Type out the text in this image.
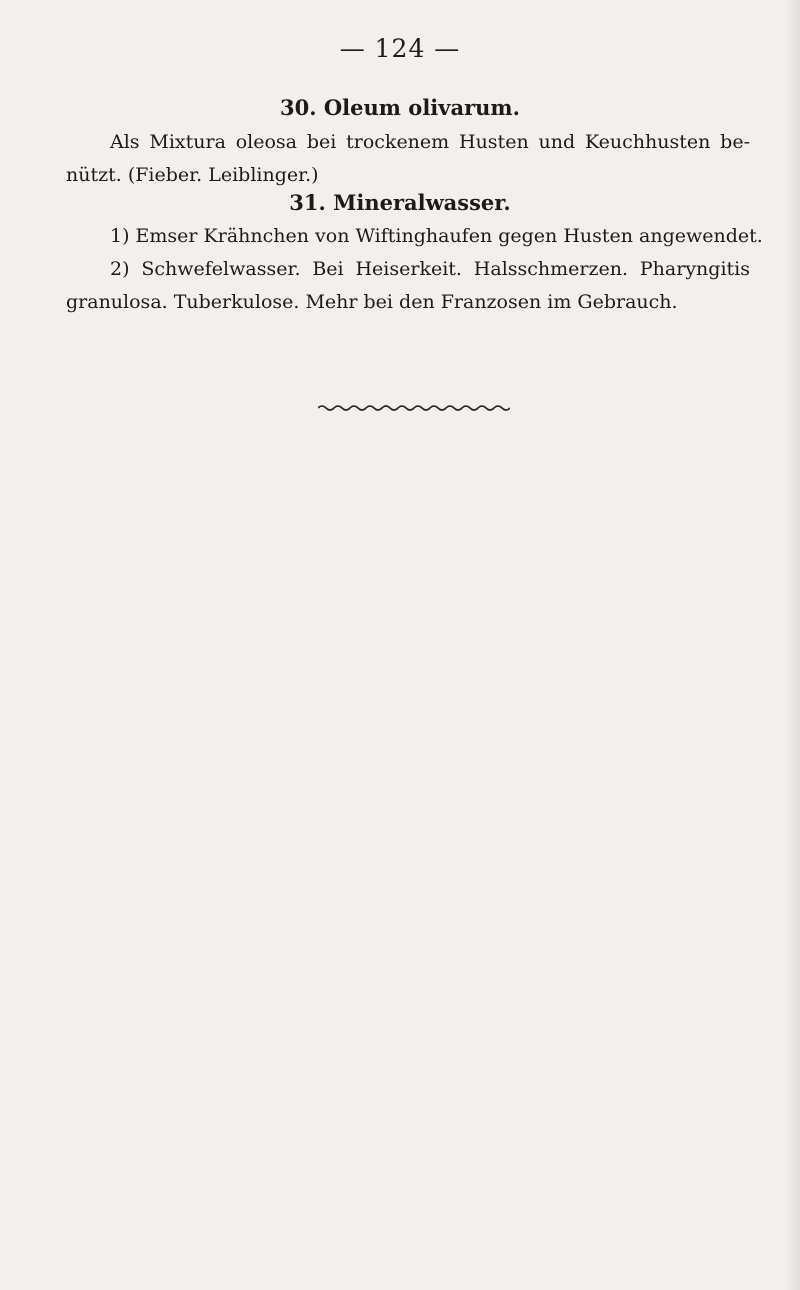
— 124 —
30. Oleum olivarum.
Als Mixtura oleosa bei trockenem Husten und Keuchhusten be-
nützt. (Fieber. Leiblinger.)
31. Mineralwasser.
1) Emser Krähnchen von Wiftinghaufen gegen Husten angewendet.
2) Schwefelwasser. Bei Heiserkeit. Halsschmerzen. Pharyngitis
granulosa. Tuberkulose. Mehr bei den Franzosen im Gebrauch.
